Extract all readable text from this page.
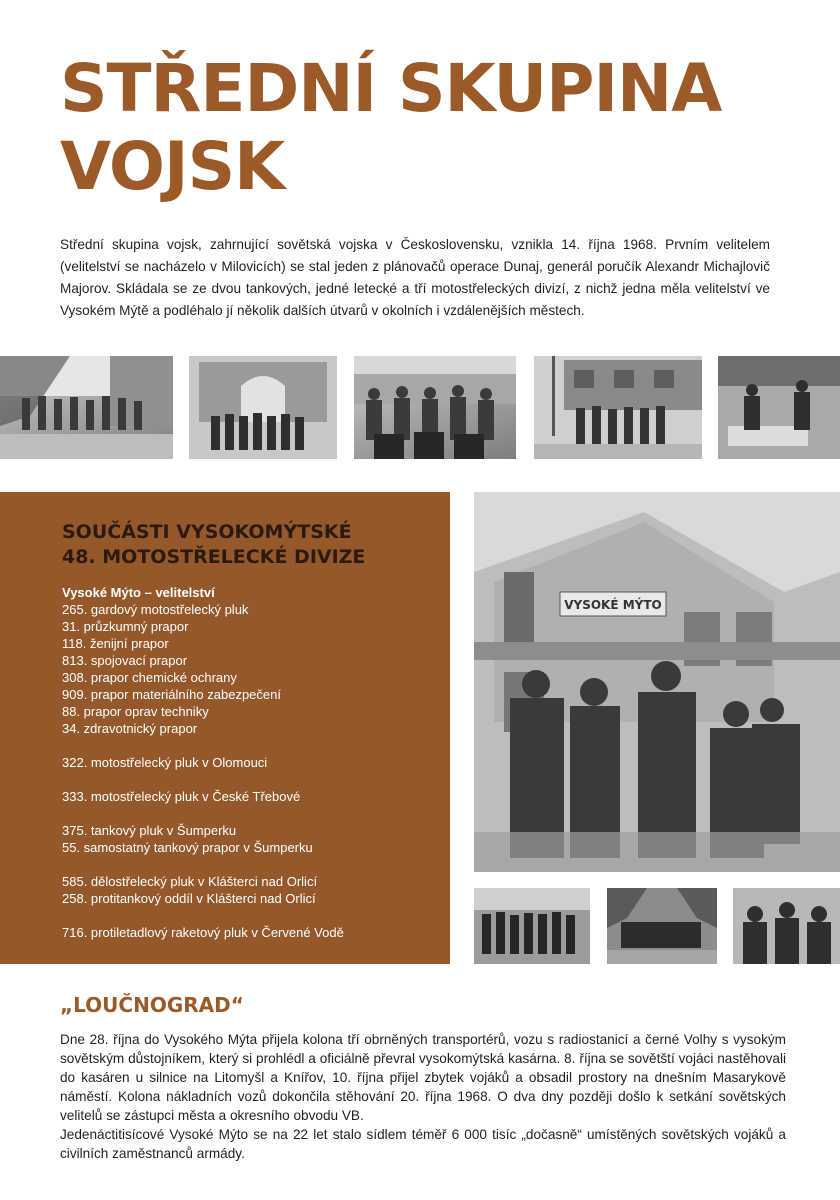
STŘEDNÍ SKUPINA
VOJSK

Střední skupina vojsk, zahrnující sovětská vojska v Československu, vznikla 14. října 1968. Prvním velitelem (velitelství se nacházelo v Milovicích) se stal jeden z plánovačů operace Dunaj, generál poručík Alexandr Michajlovič Majorov. Skládala se ze dvou tankových, jedné letecké a tří motostřeleckých divizí, z nichž jedna měla velitelství ve Vysokém Mýtě a podléhalo jí několik dalších útvarů v okolních i vzdálenějších městech.

SOUČÁSTI VYSOKOMÝTSKÉ
48. MOTOSTŘELECKÉ DIVIZE
Vysoké Mýto – velitelství
265. gardový motostřelecký pluk
31. průzkumný prapor
118. ženijní prapor
813. spojovací prapor
308. prapor chemické ochrany
909. prapor materiálního zabezpečení
88. prapor oprav techniky
34. zdravotnický prapor
322. motostřelecký pluk v Olomouci
333. motostřelecký pluk v České Třebové
375. tankový pluk v Šumperku
55. samostatný tankový prapor v Šumperku
585. dělostřelecký pluk v Klášterci nad Orlicí
258. protitankový oddíl v Klášterci nad Orlicí
716. protiletadlový raketový pluk v Červené Vodě
VYSOKÉ MÝTO
„LOUČNOGRAD“
Dne 28. října do Vysokého Mýta přijela kolona tří obrněných transportérů, vozu s radiostanicí a černé Volhy s vysokým sovětským důstojníkem, který si prohlédl a oficiálně převral vysokomýtská kasárna. 8. října se sovětští vojáci nastěhovali do kasáren u silnice na Litomyšl a Knířov, 10. října přijel zbytek vojáků a obsadil prostory na dnešním Masarykově náměstí. Kolona nákladních vozů dokončila stěhování 20. října 1968. O dva dny později došlo k setkání sovětských velitelů se zástupci města a okresního obvodu VB.
Jedenáctitisícové Vysoké Mýto se na 22 let stalo sídlem téměř 6 000 tisíc „dočasně“ umístěných sovětských vojáků a civilních zaměstnanců armády.
